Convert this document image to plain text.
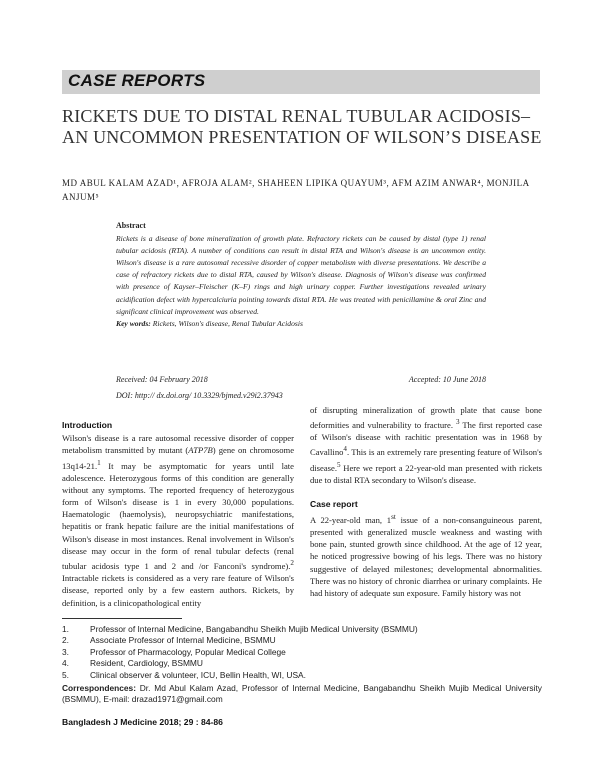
CASE REPORTS
RICKETS DUE TO DISTAL RENAL TUBULAR ACIDOSIS– AN UNCOMMON PRESENTATION OF WILSON’S DISEASE
MD ABUL KALAM AZAD¹, AFROJA ALAM², SHAHEEN LIPIKA QUAYUM³, AFM AZIM ANWAR⁴, MONJILA ANJUM⁵
Abstract
Rickets is a disease of bone mineralization of growth plate. Refractory rickets can be caused by distal (type 1) renal tubular acidosis (RTA). A number of conditions can result in distal RTA and Wilson's disease is an uncommon entity. Wilson's disease is a rare autosomal recessive disorder of copper metabolism with diverse presentations. We describe a case of refractory rickets due to distal RTA, caused by Wilson's disease. Diagnosis of Wilson's disease was confirmed with presence of Kayser–Fleischer (K–F) rings and high urinary copper. Further investigations revealed urinary acidification defect with hypercalciuria pointing towards distal RTA. He was treated with penicillamine & oral Zinc and significant clinical improvement was observed.
Key words: Rickets, Wilson's disease, Renal Tubular Acidosis
Received: 04 February 2018	Accepted: 10 June 2018
DOI: http:// dx.doi.org/ 10.3329/bjmed.v29i2.37943
Introduction

Wilson's disease is a rare autosomal recessive disorder of copper metabolism transmitted by mutant (ATP7B) gene on chromosome 13q14-21.$^1$ It may be asymptomatic for years until late adolescence. Heterozygous forms of this condition are generally without any symptoms. The reported frequency of heterozygous form of Wilson's disease is 1 in every 30,000 populations. Haematologic (haemolysis), neuropsychiatric manifestations, hepatitis or frank hepatic failure are the initial manifestations of Wilson's disease in most instances. Renal involvement in Wilson's disease may occur in the form of renal tubular defects (renal tubular acidosis type 1 and 2 and /or Fanconi's syndrome).$^2$ Intractable rickets is considered as a very rare feature of Wilson's disease, reported only by a few eastern authors. Rickets, by definition, is a clinicopathological entity

of disrupting mineralization of growth plate that cause bone deformities and vulnerability to fracture. $^3$ The first reported case of Wilson's disease with rachitic presentation was in 1968 by Cavallino$^4$. This is an extremely rare presenting feature of Wilson's disease.$^5$ Here we report a 22-year-old man presented with rickets due to distal RTA secondary to Wilson's disease.

Case report

A 22-year-old man, 1st issue of a non-consanguineous parent, presented with generalized muscle weakness and wasting with bone pain, stunted growth since childhood. At the age of 12 year, he noticed progressive bowing of his legs. There was no history suggestive of delayed milestones; developmental abnormalities. There was no history of chronic diarrhea or urinary complaints. He had history of adequate sun exposure. Family history was not

1.	Professor of Internal Medicine, Bangabandhu Sheikh Mujib Medical University (BSMMU)
2.	Associate Professor of Internal Medicine, BSMMU
3.	Professor of Pharmacology, Popular Medical College
4.	Resident, Cardiology, BSMMU
5.	Clinical observer & volunteer, ICU, Bellin Health, WI, USA.
Correspondences: Dr. Md Abul Kalam Azad, Professor of Internal Medicine, Bangabandhu Sheikh Mujib Medical University (BSMMU), E-mail: drazad1971@gmail.com
Bangladesh J Medicine 2018; 29 : 84-86
